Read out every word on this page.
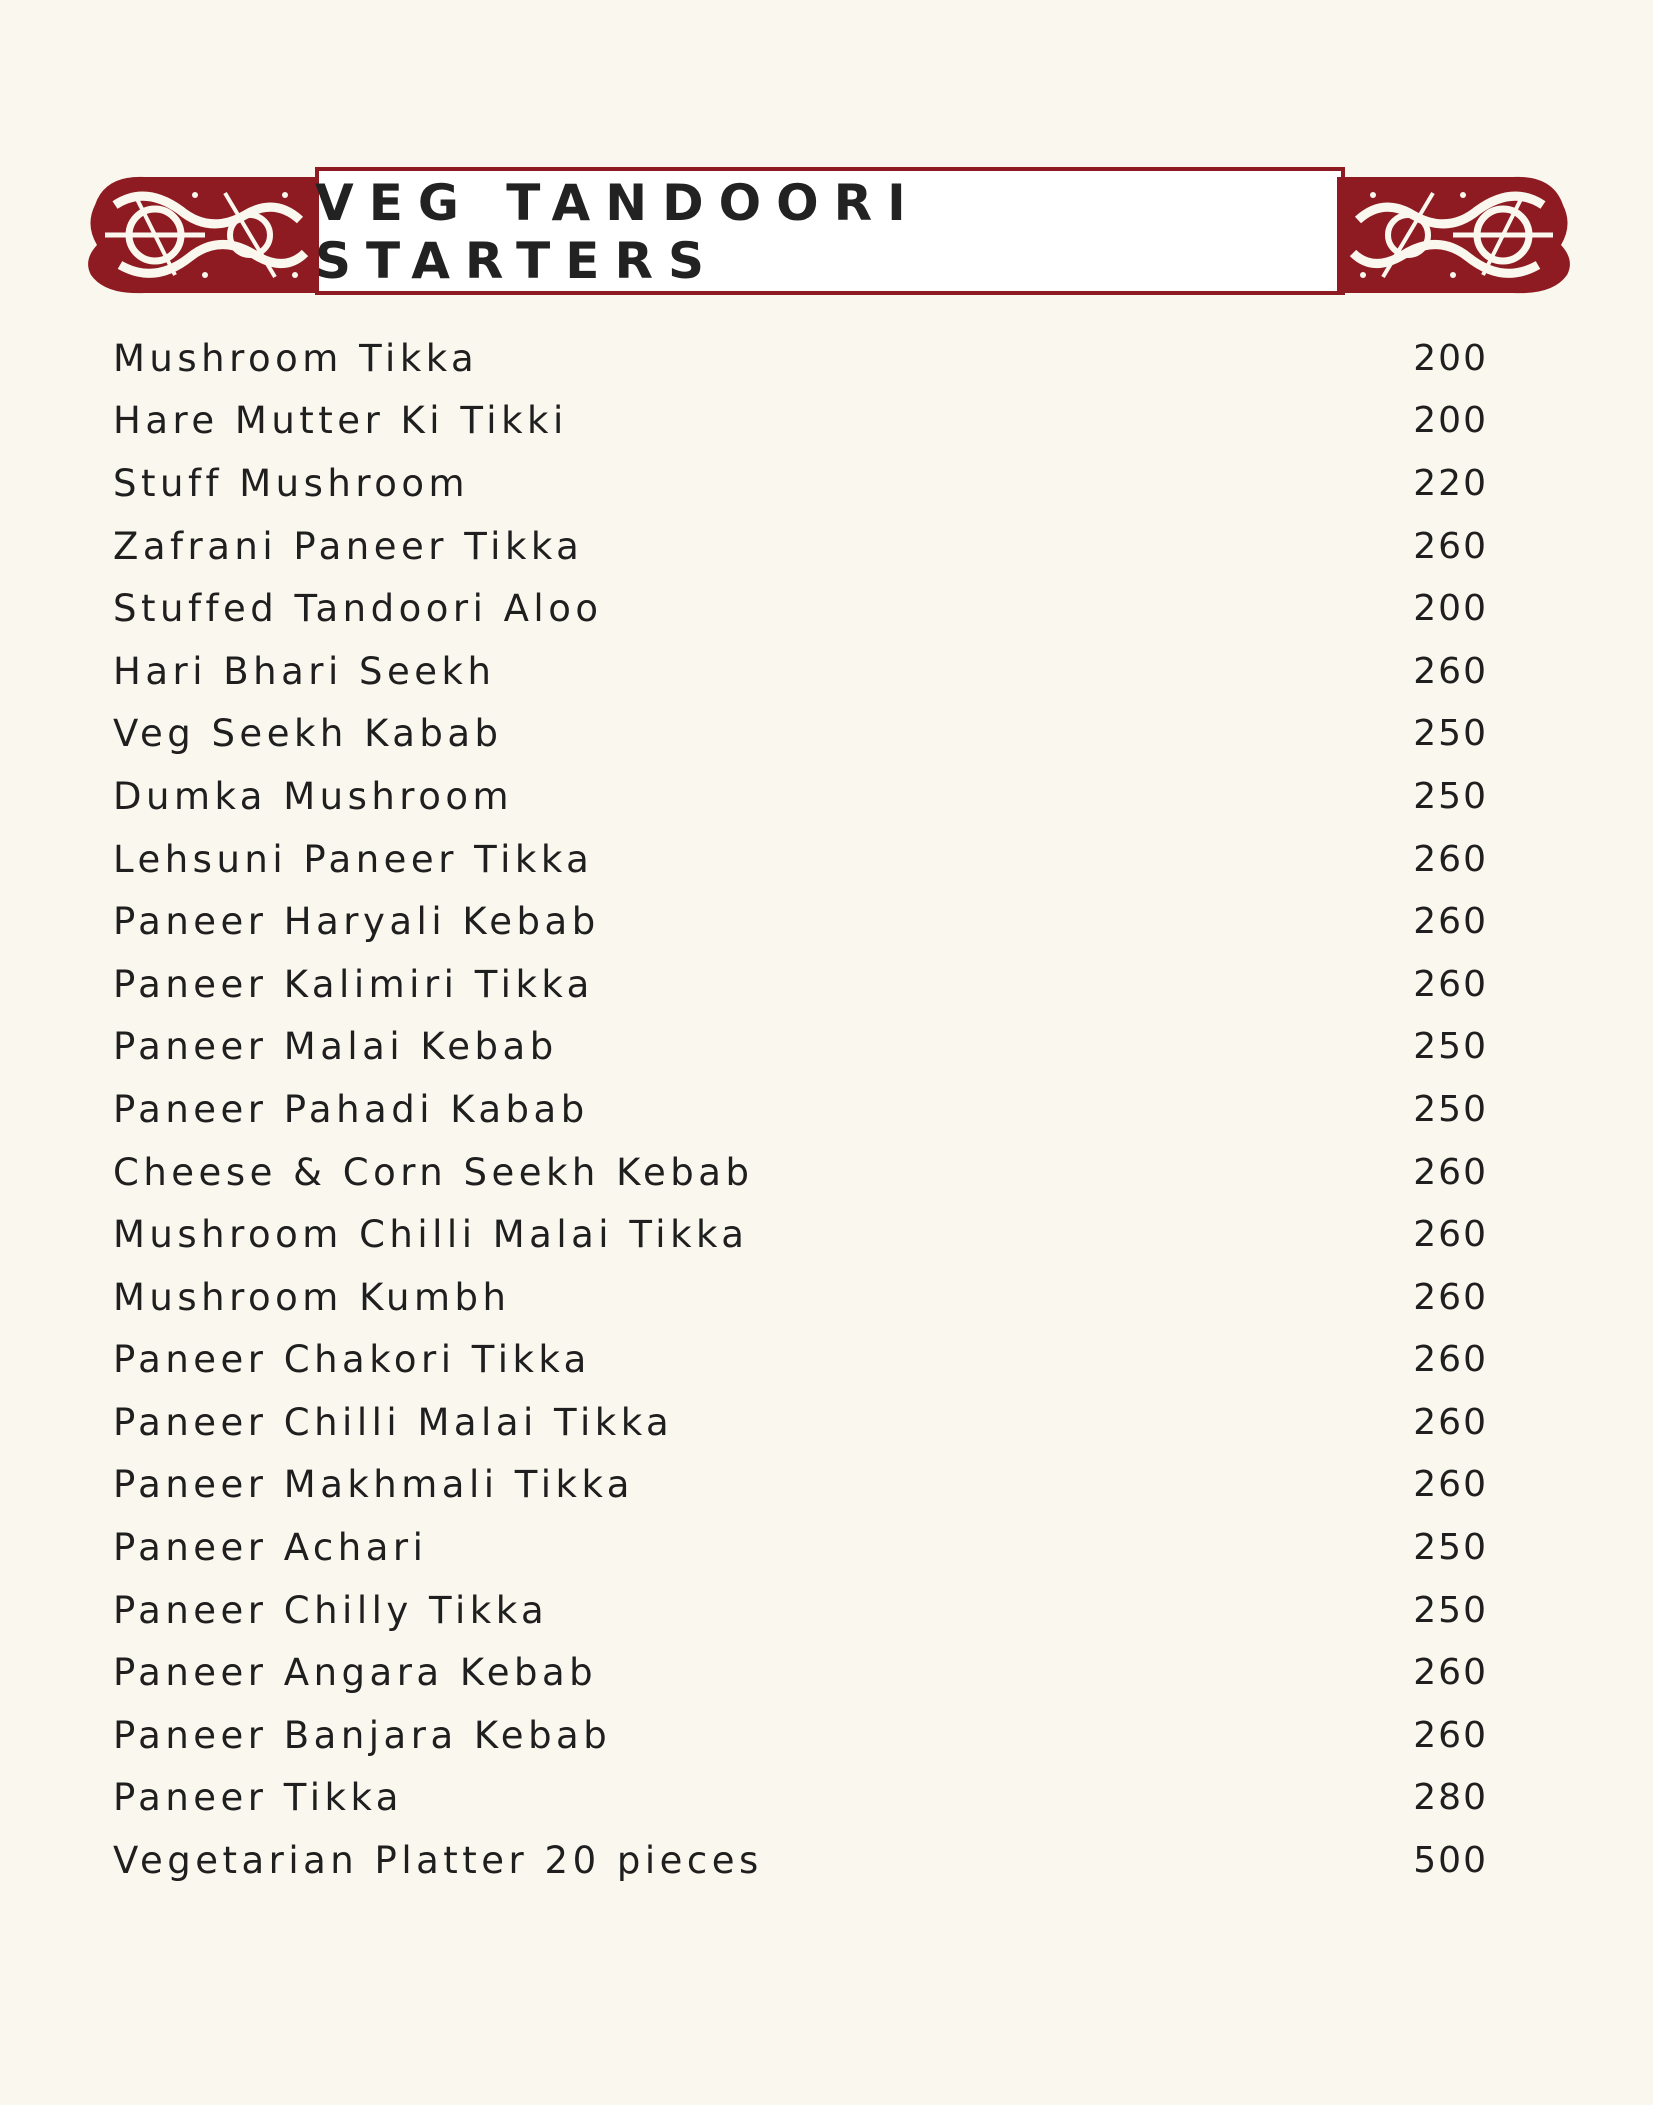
VEG TANDOORI STARTERS
Mushroom Tikka	200
Hare Mutter Ki Tikki	200
Stuff Mushroom	220
Zafrani Paneer Tikka	260
Stuffed Tandoori Aloo	200
Hari Bhari Seekh	260
Veg Seekh Kabab	250
Dumka Mushroom	250
Lehsuni Paneer Tikka	260
Paneer Haryali Kebab	260
Paneer Kalimiri Tikka	260
Paneer Malai Kebab	250
Paneer Pahadi Kabab	250
Cheese & Corn Seekh Kebab	260
Mushroom Chilli Malai Tikka	260
Mushroom Kumbh	260
Paneer Chakori Tikka	260
Paneer Chilli Malai Tikka	260
Paneer Makhmali Tikka	260
Paneer Achari	250
Paneer Chilly Tikka	250
Paneer Angara Kebab	260
Paneer Banjara Kebab	260
Paneer Tikka	280
Vegetarian Platter 20 pieces	500
